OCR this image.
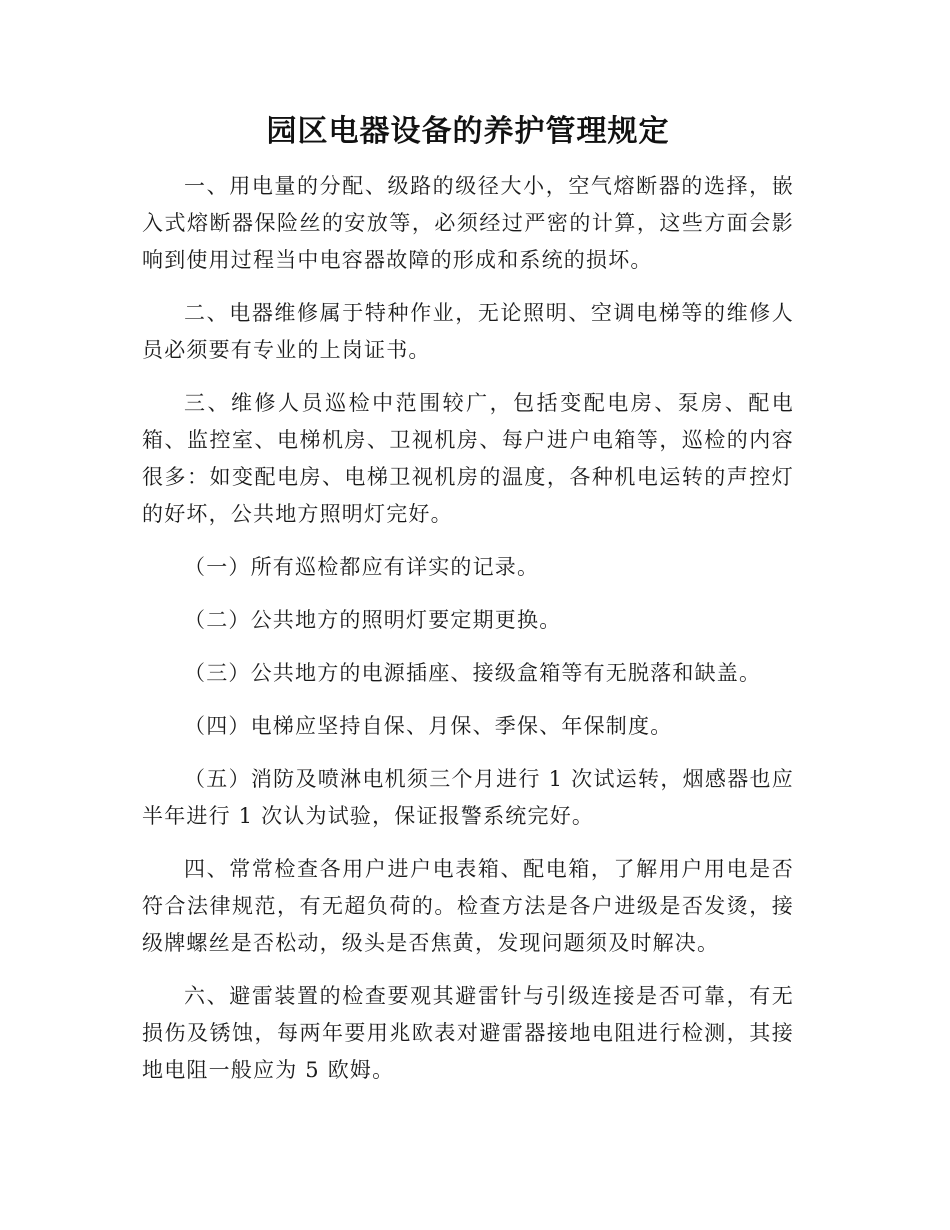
园区电器设备的养护管理规定

一、用电量的分配、级路的级径大小，空气熔断器的选择，嵌入式熔断器保险丝的安放等，必须经过严密的计算，这些方面会影响到使用过程当中电容器故障的形成和系统的损坏。

二、电器维修属于特种作业，无论照明、空调电梯等的维修人员必须要有专业的上岗证书。

三、维修人员巡检中范围较广，包括变配电房、泵房、配电箱、监控室、电梯机房、卫视机房、每户进户电箱等，巡检的内容很多：如变配电房、电梯卫视机房的温度，各种机电运转的声控灯的好坏，公共地方照明灯完好。

（一）所有巡检都应有详实的记录。

（二）公共地方的照明灯要定期更换。

（三）公共地方的电源插座、接级盒箱等有无脱落和缺盖。

（四）电梯应坚持自保、月保、季保、年保制度。

（五）消防及喷淋电机须三个月进行 1 次试运转，烟感器也应半年进行 1 次认为试验，保证报警系统完好。

四、常常检查各用户进户电表箱、配电箱，了解用户用电是否符合法律规范，有无超负荷的。检查方法是各户进级是否发烫，接级牌螺丝是否松动，级头是否焦黄，发现问题须及时解决。

六、避雷装置的检查要观其避雷针与引级连接是否可靠，有无损伤及锈蚀，每两年要用兆欧表对避雷器接地电阻进行检测，其接地电阻一般应为 5 欧姆。
